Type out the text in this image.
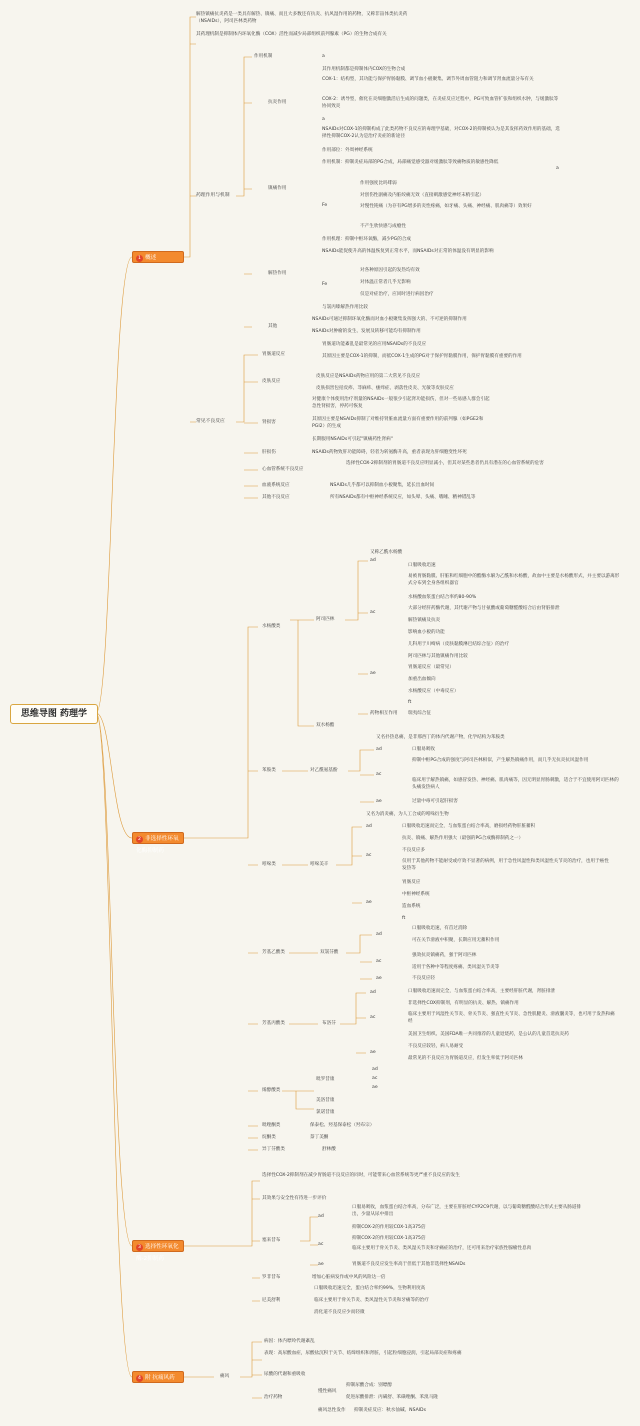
思维导图 药理学
1 概述
2 非选择性环氧化酶抑制药
3 选择性环氧化酶-2抑制药
4 附 抗痛风药
解热镇痛抗炎药是一类具有解热、镇痛、而且大多数还有抗炎、抗风湿作用的药物，又称非甾体类抗炎药（NSAIDs），阿司匹林类药物
其药理机制是抑制体内环氧化酶（COX）活性而减少局部组织前列腺素（PG）的生物合成有关
药理作用与机制
作用机制	a
其作用机制都是抑制体内COX的生物合成
抗炎作用
COX-1：结构型，其功能与保护胃肠黏膜、调节血小板聚集、调节外周血管阻力和调节肾血流量分布有关
COX-2：诱导型，催化在炎细胞激活后生成的问题类，在炎症反应过程中，PG可致血管扩张和组织水肿，与缓激肽等协同致炎
a
NSAIDs对COX-1的抑制构成了此类药物不良反应的毒理学基础，对COX-2的抑制被认为是其发挥药效作用的基础，选择性抑制COX-2认为是治疗炎症的新途径
镇痛作用
作用部位：外周神经系统
作用机制：抑制炎症局部的PG合成，局部痛觉感受器对缓激肽等致痛物质的敏感性降低
a
Fe
作用强度比吗啡弱
对创伤性剧痛及内脏绞痛无效（直接刺激感觉神经末梢引起）
对慢性钝痛（为存有PG增多的炎性疼痛，如牙痛、头痛、神经痛、肌肉痛等）效果好
不产生欣快感与成瘾性
解热作用
作用机理：抑制中枢环氧酶，减少PG的合成
NSAIDs能促使升高的体温恢复到正常水平，而NSAIDs对正常的体温没有明显的影响
Fe
对各种原因引起的发热均有效
对体温正常者几乎无影响
仅是对症治疗，应同时进行病因治疗
与氯丙嗪解热作用比较
其他
NSAIDs可通过抑制环氧化酶而对血小板聚集发挥强大的、不可逆的抑制作用
NSAIDs对肿瘤的发生、发展及转移可能均有抑制作用
常见不良反应
胃肠道反应
胃肠道功能紊乱是最常见的应用NSAIDs的不良反应
其原因主要是COX-1的抑制，而抵COX-1生成的PG对于保护胃黏膜作用，保护胃黏膜有重要的作用
皮肤反应
皮肤反应是NSAIDs药物应用的第二大常见不良反应
皮肤损害包括皮疹、荨麻疹、瘙痒症、剥落性皮炎、光敏等皮肤反应
肾损害
对健康个体使用治疗剂量的NSAIDs一般很少引起肾功能损伤，但对一些易感人群会引起急性肾损害，停药可恢复
其原因主要是NSAIDs抑制了对维持肾脏血流量方面有重要作用的前列腺（如PGE2和PGI2）的生成
长期服用NSAIDs可引起"镇痛药性肾病"
肝损伤	NSAIDs药物致肝功能障碍，轻者为转氨酶升高，重者表现为肝细胞变性坏死
心血管系统不良反应
选择性COX-2抑制剂的胃肠道不良反应明显减小，但其对某些患者仍具有潜在的心血管系统的危害
血液系统反应	NSAIDs几乎都可以抑制血小板聚集，延长出血时间
其他不良反应	所有NSAIDs都有中枢神经系统反应，如头晕、头痛、嗜睡、精神错乱等
水杨酸类
阿司匹林
又称乙酰水杨酸
ad
口服吸收迅速
易被胃肠黏膜、肝脏和红细胞中的酯酶水解为乙酰和水杨酸，故血中主要是水杨酸形式，并主要以游离形式分布到全身各组织器官
水杨酸血浆蛋白结合率约80-90%
大部分经肝药酶代谢，其代谢产物与甘氨酸或葡萄糖醛酸结合后由肾脏排泄
ac
解热镇痛及抗炎
影响血小板的功能
儿科用于川崎病（皮肤黏膜淋巴结综合征）的治疗
阿司匹林与其他镇痛作用比较
ae
胃肠道反应（最常见）
加重出血倾向
水杨酸反应（中毒反应）
ft
瑞夷综合征
药物相互作用
双水杨酯
苯胺类	对乙酰氨基酚
又名扑热息痛，是非那西丁的体内代谢产物，化学结构为苯胺类
ad	口服易吸收
ac
抑制中枢PG合成的强度与阿司匹林相似，产生解热镇痛作用，而几乎无抗炎抗风湿作用
临床用于解热镇痛，如感冒发热、神经痛、肌肉痛等，因无明显胃肠刺激，适合于不宜使用阿司匹林的头痛发热病人
ae	过量中毒可引起肝损害
吲哚类	吲哚美辛
又名为消炎痛，为人工合成的吲哚衍生物
ad	口服吸收迅速而完全，与血浆蛋白结合率高，磨损经药物肝脏蓄积
ac
抗炎、镇痛、解热作用强大（最强的PG合成酶抑制药之一）
不良反应多
仅用于其他药物不能耐受或疗效不显著的病例，用于急性风湿性和类风湿性关节炎的治疗，也用于癌性发热等
ae
胃肠反应
中枢神经系统
造血系统
ft
芳基乙酸类	双氯芬酸
ad
口服吸收迅速，有首过消除
可在关节滑液中积聚，长期应用无蓄积作用
ac
强效抗炎镇痛药，强于阿司匹林
适用于各种中等程度疼痛、类风湿关节炎等
ae	不良反应轻
芳基丙酸类	布洛芬
ad	口服吸收迅速而完全，与血浆蛋白结合率高，主要经肝脏代谢，肾脏排泄
ac
非选择性COX抑制剂，有明显的抗炎、解热、镇痛作用
临床主要用于风湿性关节炎、骨关节炎、强直性关节炎、急性肌腱炎、滑液囊炎等，也可用于发热和痛经
美国卫生组织、美国FDA唯一共同推荐的儿童退烧药，是公认的儿童首选抗炎药
ae
不良反应较轻，病人易耐受
最常见的不良反应为胃肠道反应，但发生率低于阿司匹林
烯醇酸类
吡罗昔康
ad
ac
ae
美洛昔康
氯诺昔康
吡唑酮类	保泰松、羟基保泰松（羟布宗）
烷酮类	萘丁美酮
异丁芬酸类	舒林酸
选择性COX-2抑制剂在减少胃肠道不良反应的同时，可能带来心血管系统等更严重不良反应的发生
其效果与安全性有待进一步评价
塞来昔布
ad
口服易吸收，血浆蛋白结合率高，分布广泛，主要在肝脏经CYP2C9代谢，以与葡萄糖醛酸结合形式主要从肠道排出，少量从尿中排出
抑制COX-2的作用较COX-1高375倍
ac
抑制COX-2的作用较COX-1高375倍
临床主要用于骨关节炎、类风湿关节炎和牙痛症的治疗，还可用来治疗家族性腺瘤性息肉
ae	胃肠道不良反应发生率高于但低于其他非选择性NSAIDs
罗非昔布	增加心脏病发作或中风的风险达一倍
尼美舒利
口服吸收迅速完全，蛋白结合率约99%，生物利用度高
临床主要用于骨关节炎、类风湿性关节炎和牙痛等的治疗
消化道不良反应少而轻微
痛风
病因：体内嘌呤代谢紊乱
表现：高尿酸血症，尿酸盐沉积于关节、结缔组织和肾脏，引起粒细胞浸润，引起局部炎症和疼痛
尿酸的代谢和重吸收
治疗药物
慢性痛风
抑制尿酸合成：别嘌醇
促进尿酸排泄：丙磺舒、苯磺唑酮、苯溴马隆
痛风急性发作 抑制炎症反应：秋水仙碱、NSAIDs
